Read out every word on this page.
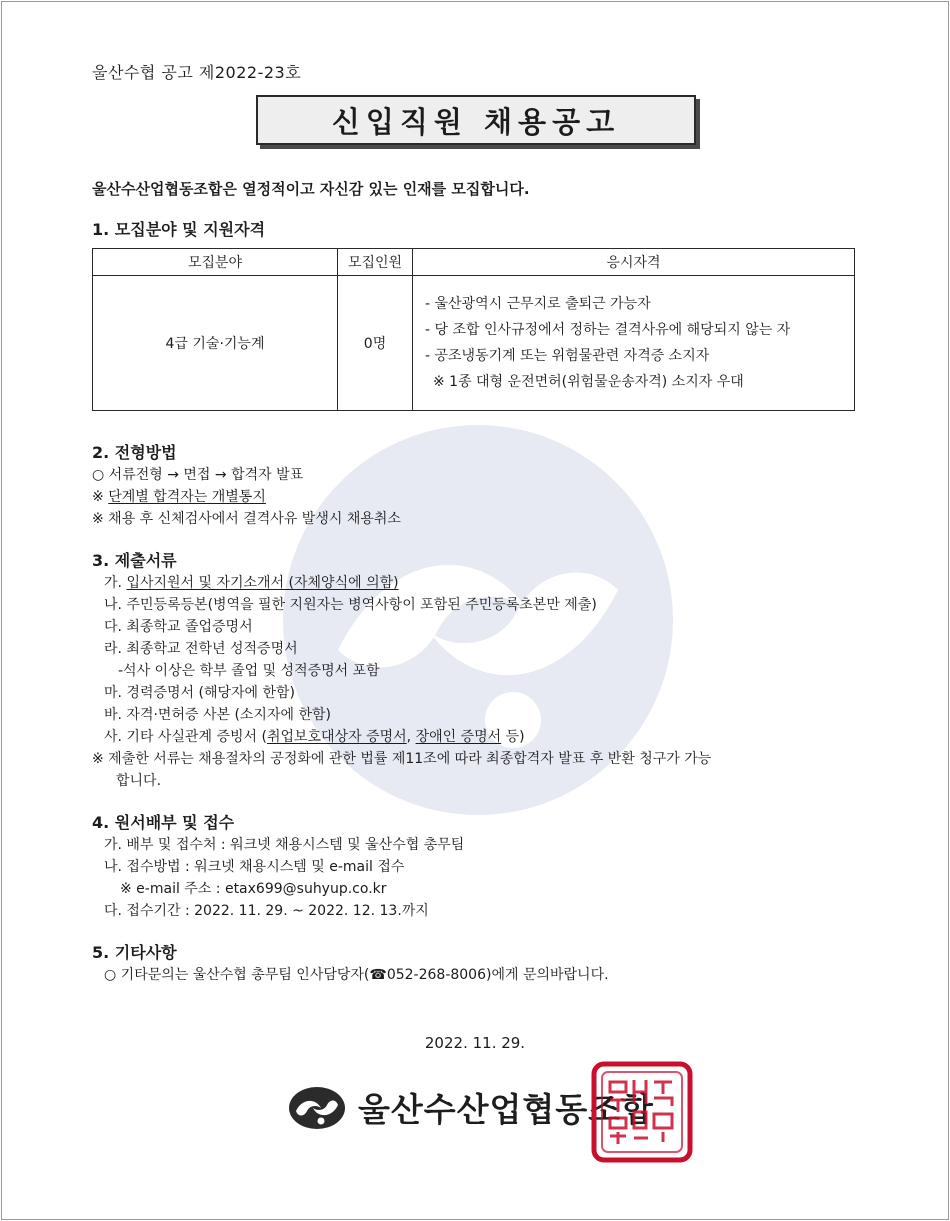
울산수협 공고 제2022-23호
신입직원 채용공고
울산수산업협동조합은 열정적이고 자신감 있는 인재를 모집합니다.
1. 모집분야 및 지원자격
모집분야	모집인원	응시자격
4급 기술·기능계	0명	- 울산광역시 근무지로 출퇴근 가능자
- 당 조합 인사규정에서 정하는 결격사유에 해당되지 않는 자
- 공조냉동기계 또는 위험물관련 자격증 소지자
※ 1종 대형 운전면허(위험물운송자격) 소지자 우대
2. 전형방법
○ 서류전형 → 면접 → 합격자 발표
※ 단계별 합격자는 개별통지
※ 채용 후 신체검사에서 결격사유 발생시 채용취소
3. 제출서류
가. 입사지원서 및 자기소개서 (자체양식에 의함)
나. 주민등록등본(병역을 필한 지원자는 병역사항이 포함된 주민등록초본만 제출)
다. 최종학교 졸업증명서
라. 최종학교 전학년 성적증명서
-석사 이상은 학부 졸업 및 성적증명서 포함
마. 경력증명서 (해당자에 한함)
바. 자격·면허증 사본 (소지자에 한함)
사. 기타 사실관계 증빙서 (취업보호대상자 증명서, 장애인 증명서 등)
※ 제출한 서류는 채용절차의 공정화에 관한 법률 제11조에 따라 최종합격자 발표 후 반환 청구가 가능
합니다.
4. 원서배부 및 접수
가. 배부 및 접수처 : 워크넷 채용시스템 및 울산수협 총무팀
나. 접수방법 : 워크넷 채용시스템 및 e-mail 접수
※ e-mail 주소 : etax699@suhyup.co.kr
다. 접수기간 : 2022. 11. 29. ~ 2022. 12. 13.까지
5. 기타사항
○ 기타문의는 울산수협 총무팀 인사담당자(☎052-268-8006)에게 문의바랍니다.
2022. 11. 29.
울산수산업협동조합
